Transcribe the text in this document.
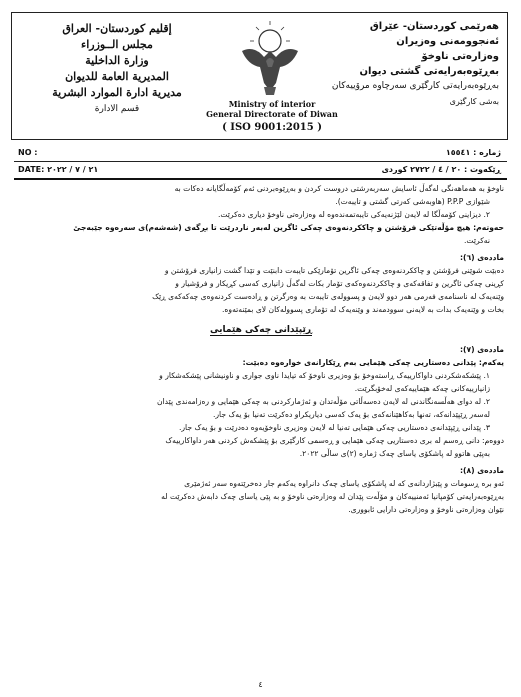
هەرێمی کوردستان- عێراق
ئەنجوومەنی وەزیران
وەزارەتی ناوخۆ
بەڕێوەبەرایەتی گشتی دیوان
بەڕێوەبەرایەتی کارگێری سەرچاوە مرۆییەکان
بەشی کارگێری
Ministry of interior
General Directorate of Diwan
( ISO 9001:2015 )
إقليم كوردستان- العراق
مجلس الــوزراء
وزارة الداخلية
المديرية العامة للديوان
مديرية ادارة الموارد البشرية
قسم الادارة
NO :	ژمارە : ١٥٥٤١
DATE: ۲۰۲۲ / ۷ / ۲۱	ڕێکەوت : ۲۰ / ٤ / ۲۷۲۲ کوردی

ناوخۆ بە هەماهەنگی لەگەڵ ئاسایش سەربەرشتی دروست کردن و بەڕێوەبردنی ئەم کۆمەڵگایانە دەکات بە

شێوازی P.P.P (هاوبەشی کەرتی گشتی و تایبەت).

٢. دیزاینی کۆمەڵگا لە لایەن لێژنەیەکی تایبەتمەندەوە لە وەزارەتی ناوخۆ دیاری دەکرێت.

حەوتەم: هیچ مۆڵەتێکی فرۆشتن و چاککردنەوەی چەکی ئاگرین لەبەر ناردرێت تا بڕگەی (شەشەم)ی سەرەوە جێبەجێ

نەکرێت.

ماددەی (٦):

دەبێت شوێنی فرۆشتن و چاککردنەوەی چەکی ئاگرین تۆمارێکی تایبەت دابنێت و تێدا گشت زانیاری فرۆشتن و

کڕینی چەکی ئاگرین و تفاقەکەی و چاککردنەوەکەی تۆمار بکات لەگەڵ زانیاری کەسی کڕیکار و فرۆشیار و

وێنەیەک لە ناسنامەی فەرمی هەر دوو لایەن و پسوولەی تایبەت بە وەرگرتن و ڕادەست کردنەوەی چەکەکەی ڕێک

بخات و وێنەیەک بدات بە لایەنی سوودمەند و وێنەیەک لە تۆماری پسوولەکان لای بمێنەتەوە.

ڕێپێدانی چەکی هێمایی

ماددەی (٧):

یەکەم: پێدانی دەستاریی چەکی هێمایی بەم ڕێکارانەی خوارەوە دەبێت:

١. پێشکەشکردنی داواکارییەک ڕاستەوخۆ بۆ وەزیری ناوخۆ کە تیایدا ناوی جواری و ناونیشانی پێشکەشکار و

زانیارییەکانی چەکە هێماییەکەی لەخۆبگرێت.

٢. لە دوای هەڵسەنگاندنی لە لایەن دەسەڵاتی مۆڵەتدان و ئەژمارکردنی بە چەکی هێمایی و رەزامەندی پێدان

لەسەر ڕێپێدانەکە، تەنها بەکاهێنانەکەی بۆ یەک کەسی دیاریکراو دەکرێت تەنیا بۆ یەک جار.

٣. پێدانی ڕێپێدانەی دەستاریی چەکی هێمایی تەنیا لە لایەن وەزیری ناوخۆیەوە دەدرێت و بۆ یەک جار.

دووەم: دانی ڕەسم لە بری دەستاریی چەکی هێمایی و ڕەسمی کارگێری بۆ پێشکەش کردنی هەر داواکارییەک

بەپێی هاتوو لە پاشکۆی یاسای چەک ژمارە (٢)ی ساڵی ٢٠٢٢.

ماددەی (٨):

ئەو برە ڕسومات و پێبژاردانەی کە لە پاشکۆی یاسای چەک دانراوە یەکەم جار دەخرێتەوە سەر ئەژمێری

بەڕێوەبەرایەتی کۆمپانیا ئەمنییەکان و مۆڵەت پێدان لە وەزارەتی ناوخۆ و بە پێی یاسای چەک دابەش دەکرێت لە

نێوان وەزارەتی ناوخۆ و وەزارەتی دارایی ئابووری.

٤
